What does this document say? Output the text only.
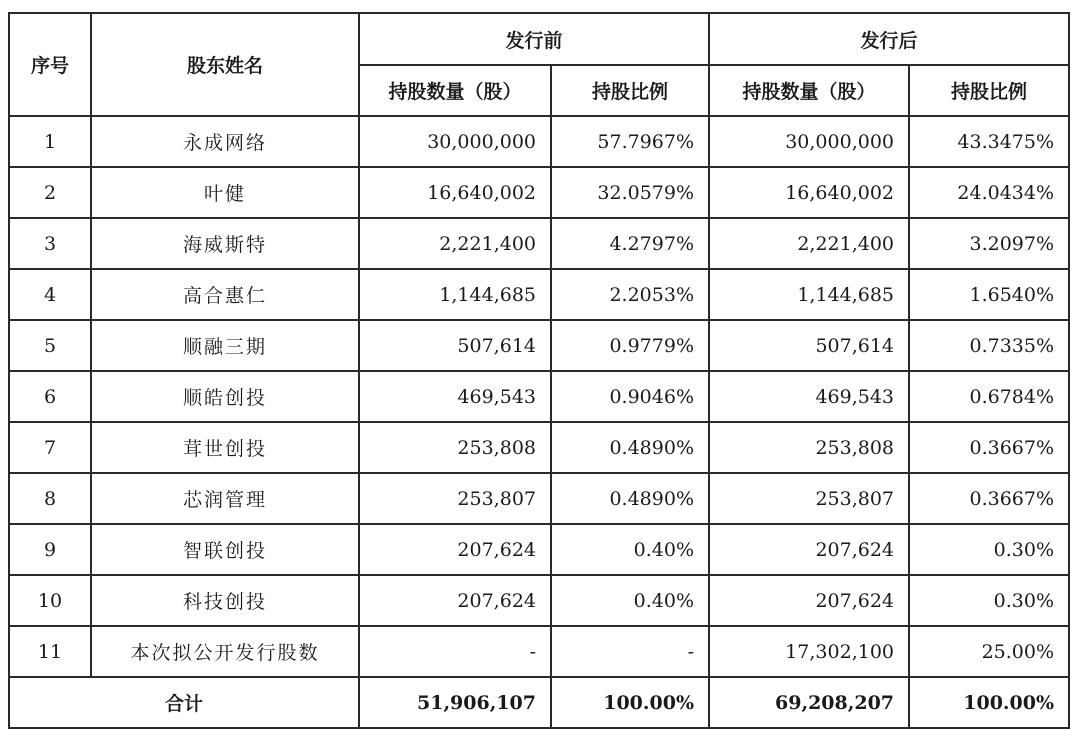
序号	股东姓名	发行前		发行后	
		持股数量（股）	持股比例	持股数量（股）	持股比例
1	永成网络	30,000,000	57.7967%	30,000,000	43.3475%
2	叶健	16,640,002	32.0579%	16,640,002	24.0434%
3	海威斯特	2,221,400	4.2797%	2,221,400	3.2097%
4	高合惠仁	1,144,685	2.2053%	1,144,685	1.6540%
5	顺融三期	507,614	0.9779%	507,614	0.7335%
6	顺皓创投	469,543	0.9046%	469,543	0.6784%
7	茸世创投	253,808	0.4890%	253,808	0.3667%
8	芯润管理	253,807	0.4890%	253,807	0.3667%
9	智联创投	207,624	0.40%	207,624	0.30%
10	科技创投	207,624	0.40%	207,624	0.30%
11	本次拟公开发行股数	-	-	17,302,100	25.00%
合计		51,906,107	100.00%	69,208,207	100.00%
